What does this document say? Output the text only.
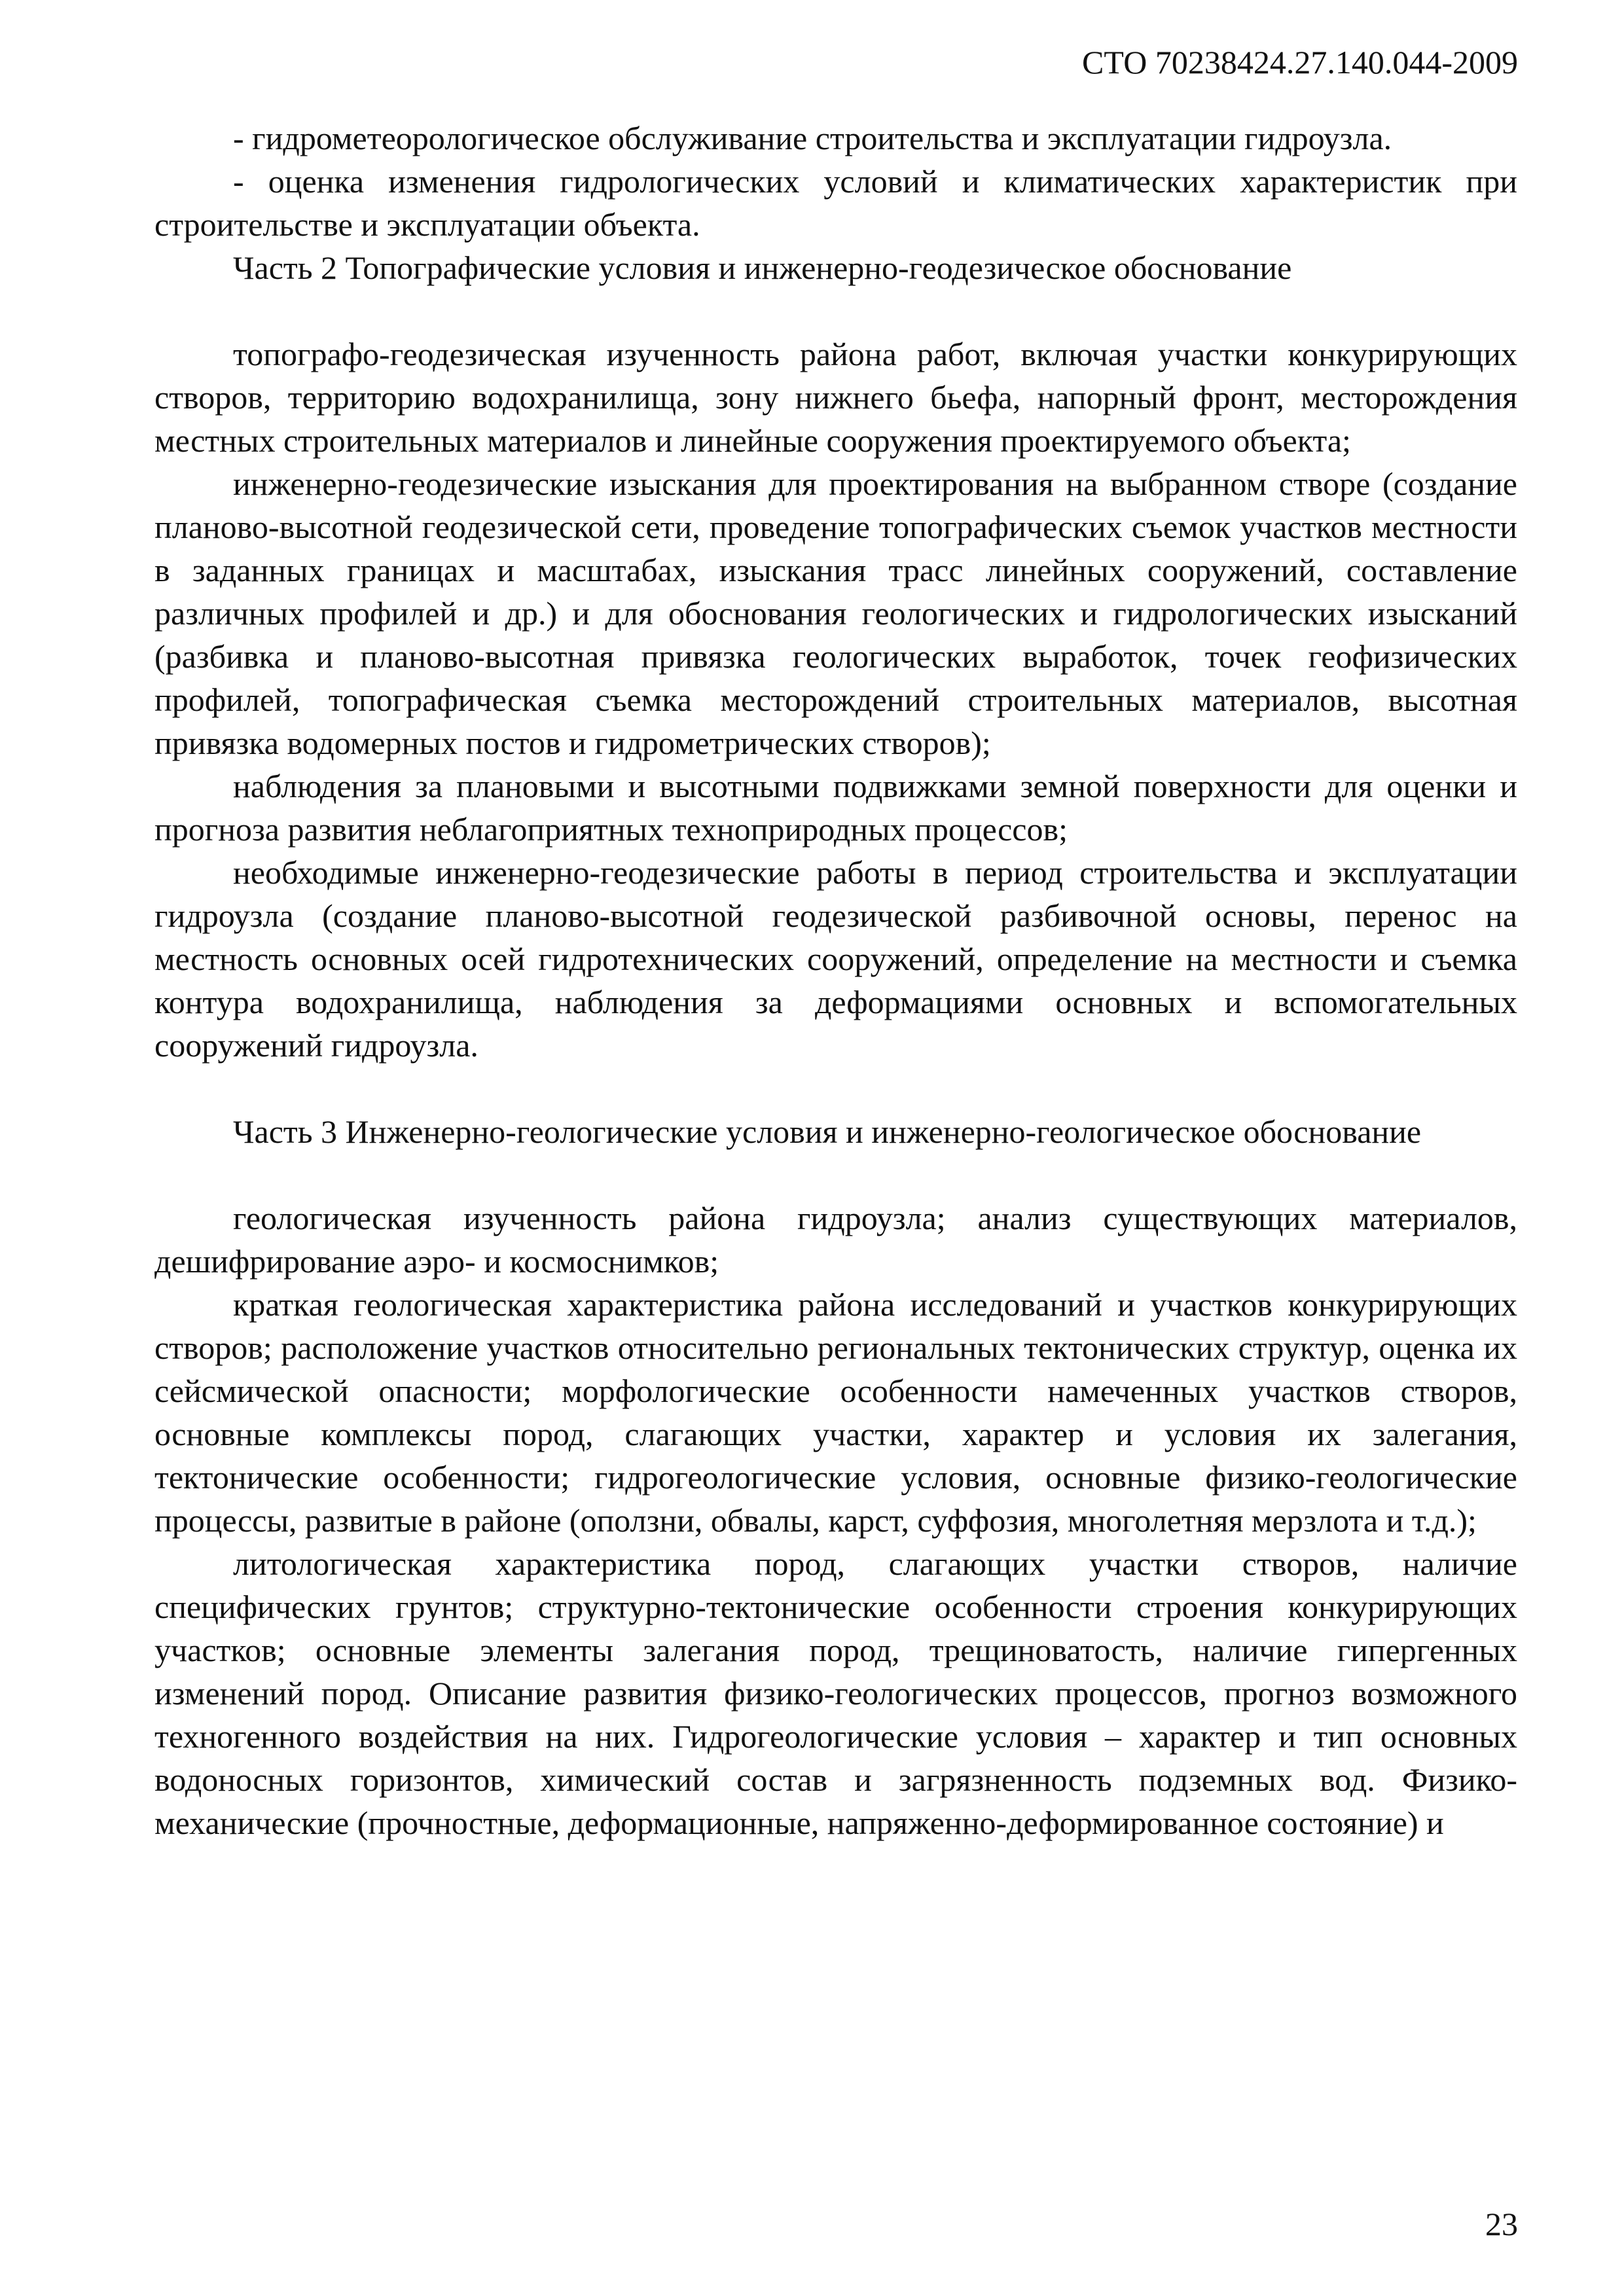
СТО 70238424.27.140.044-2009

- гидрометеорологическое обслуживание строительства и эксплуатации гидроузла.

- оценка изменения гидрологических условий и климатических характеристик при строительстве и эксплуатации объекта.

Часть 2 Топографические условия и инженерно-геодезическое обоснование

топографо-геодезическая изученность района работ, включая участки конкурирующих створов, территорию водохранилища, зону нижнего бьефа, напорный фронт, месторождения местных строительных материалов и линейные сооружения проектируемого объекта;

инженерно-геодезические изыскания для проектирования на выбранном створе (создание планово-высотной геодезической сети, проведение топографических съемок участков местности в заданных границах и масштабах, изыскания трасс линейных сооружений, составление различных профилей и др.) и для обоснования геологических и гидрологических изысканий (разбивка и планово-высотная привязка геологических выработок, точек геофизических профилей, топографическая съемка месторождений строительных материалов, высотная привязка водомерных постов и гидрометрических створов);

наблюдения за плановыми и высотными подвижками земной поверхности для оценки и прогноза развития неблагоприятных техноприродных процессов;

необходимые инженерно-геодезические работы в период строительства и эксплуатации гидроузла (создание планово-высотной геодезической разбивочной основы, перенос на местность основных осей гидротехнических сооружений, определение на местности и съемка контура водохранилища, наблюдения за деформациями основных и вспомогательных сооружений гидроузла.

Часть 3 Инженерно-геологические условия и инженерно-геологическое обоснование

геологическая изученность района гидроузла; анализ существующих материалов, дешифрирование аэро- и космоснимков;

краткая геологическая характеристика района исследований и участков конкурирующих створов; расположение участков относительно региональных тектонических структур, оценка их сейсмической опасности; морфологические особенности намеченных участков створов, основные комплексы пород, слагающих участки, характер и условия их залегания, тектонические особенности; гидрогеологические условия, основные физико-геологические процессы, развитые в районе (оползни, обвалы, карст, суффозия, многолетняя мерзлота и т.д.);

литологическая характеристика пород, слагающих участки створов, наличие специфических грунтов; структурно-тектонические особенности строения конкурирующих участков; основные элементы залегания пород, трещиноватость, наличие гипергенных изменений пород. Описание развития физико-геологических процессов, прогноз возможного техногенного воздействия на них. Гидрогеологические условия – характер и тип основных водоносных горизонтов, химический состав и загрязненность подземных вод. Физико-механические (прочностные, деформационные, напряженно-деформированное состояние) и

23
